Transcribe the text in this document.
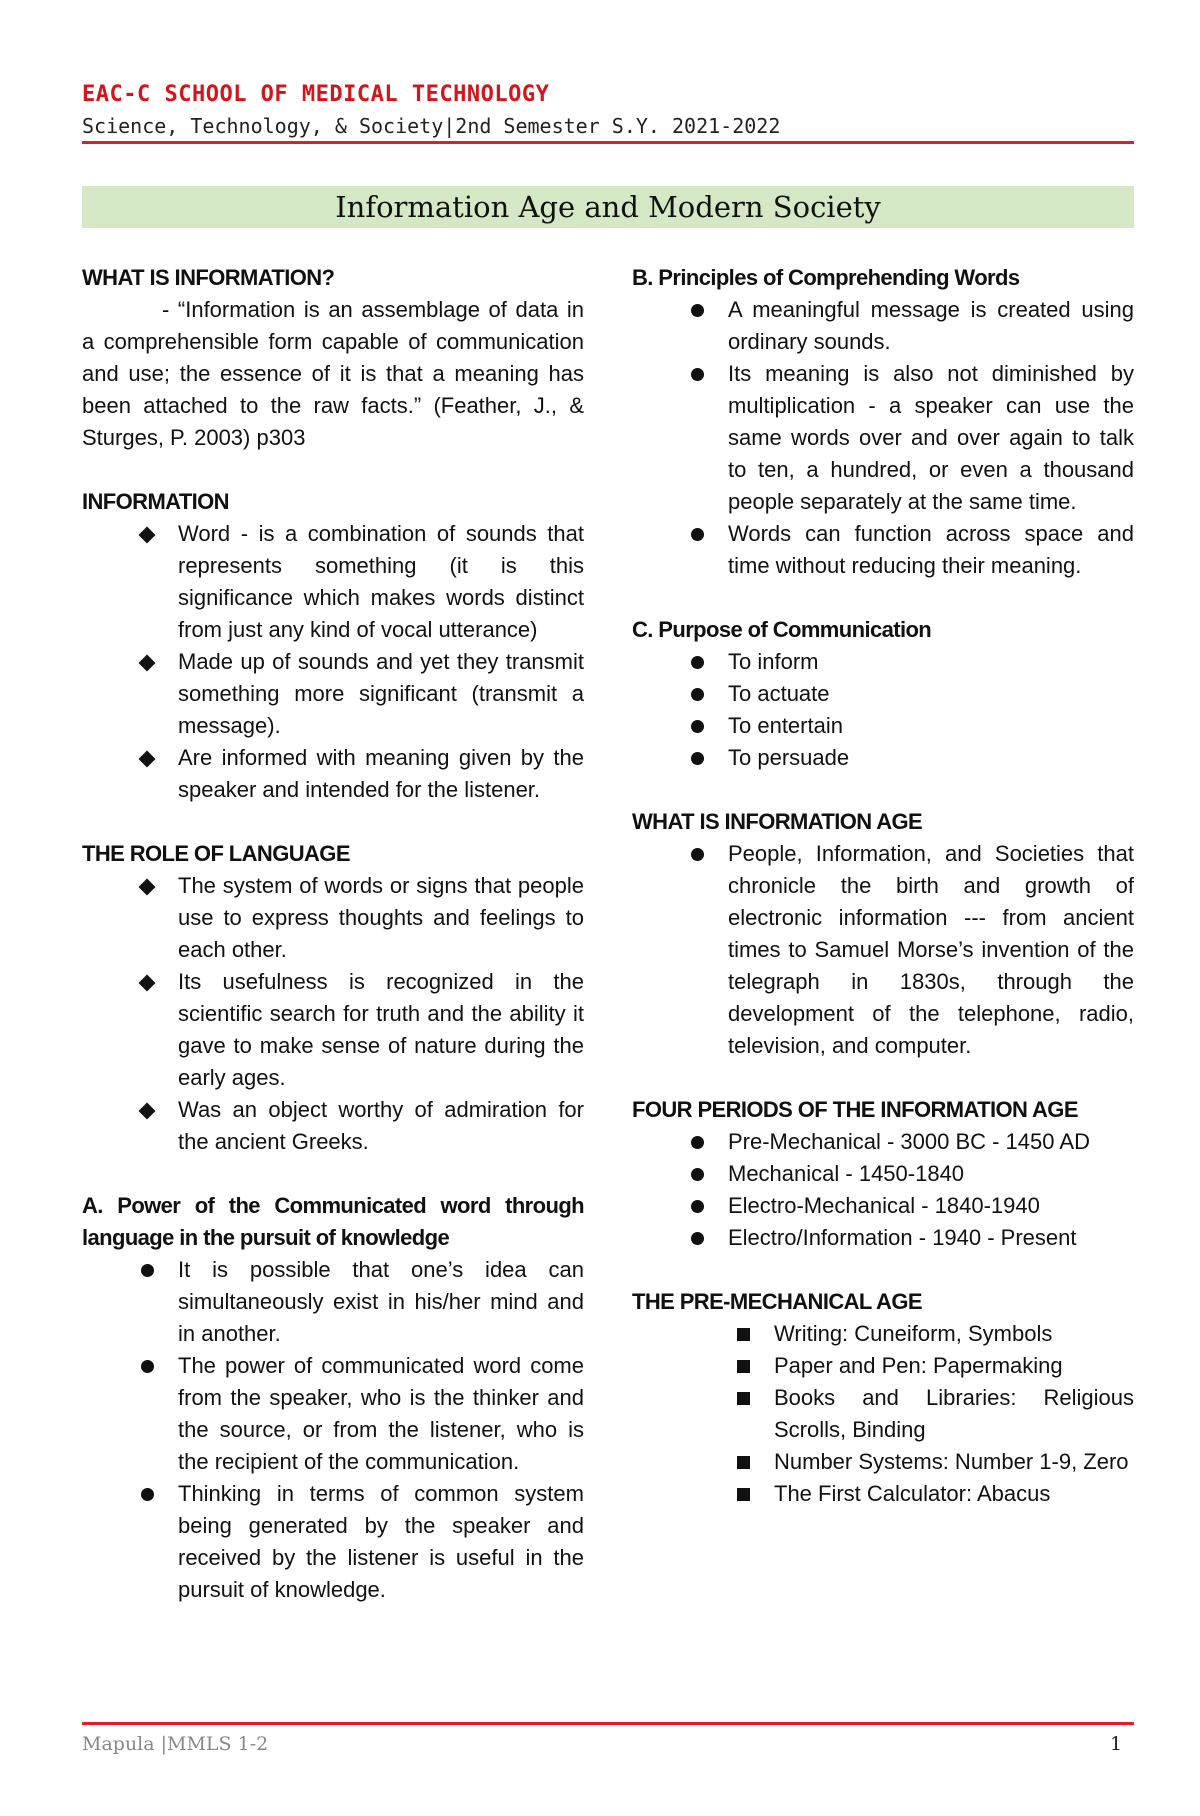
EAC-C SCHOOL OF MEDICAL TECHNOLOGY
Science, Technology, & Society|2nd Semester S.Y. 2021-2022
Information Age and Modern Society
WHAT IS INFORMATION?
- “Information is an assemblage of data in a comprehensible form capable of communication and use; the essence of it is that a meaning has been attached to the raw facts.” (Feather, J., & Sturges, P. 2003) p303
INFORMATION
Word - is a combination of sounds that represents something (it is this significance which makes words distinct from just any kind of vocal utterance)
Made up of sounds and yet they transmit something more significant (transmit a message).
Are informed with meaning given by the speaker and intended for the listener.
THE ROLE OF LANGUAGE
The system of words or signs that people use to express thoughts and feelings to each other.
Its usefulness is recognized in the scientific search for truth and the ability it gave to make sense of nature during the early ages.
Was an object worthy of admiration for the ancient Greeks.
A. Power of the Communicated word through language in the pursuit of knowledge
It is possible that one’s idea can simultaneously exist in his/her mind and in another.
The power of communicated word come from the speaker, who is the thinker and the source, or from the listener, who is the recipient of the communication.
Thinking in terms of common system being generated by the speaker and received by the listener is useful in the pursuit of knowledge.
B. Principles of Comprehending Words
A meaningful message is created using ordinary sounds.
Its meaning is also not diminished by multiplication - a speaker can use the same words over and over again to talk to ten, a hundred, or even a thousand people separately at the same time.
Words can function across space and time without reducing their meaning.
C. Purpose of Communication
To inform
To actuate
To entertain
To persuade
WHAT IS INFORMATION AGE
People, Information, and Societies that chronicle the birth and growth of electronic information --- from ancient times to Samuel Morse’s invention of the telegraph in 1830s, through the development of the telephone, radio, television, and computer.
FOUR PERIODS OF THE INFORMATION AGE
Pre-Mechanical - 3000 BC - 1450 AD
Mechanical - 1450-1840
Electro-Mechanical - 1840-1940
Electro/Information - 1940 - Present
THE PRE-MECHANICAL AGE
Writing: Cuneiform, Symbols
Paper and Pen: Papermaking
Books and Libraries: Religious Scrolls, Binding
Number Systems: Number 1-9, Zero
The First Calculator: Abacus
Mapula |MMLS 1-2	1
